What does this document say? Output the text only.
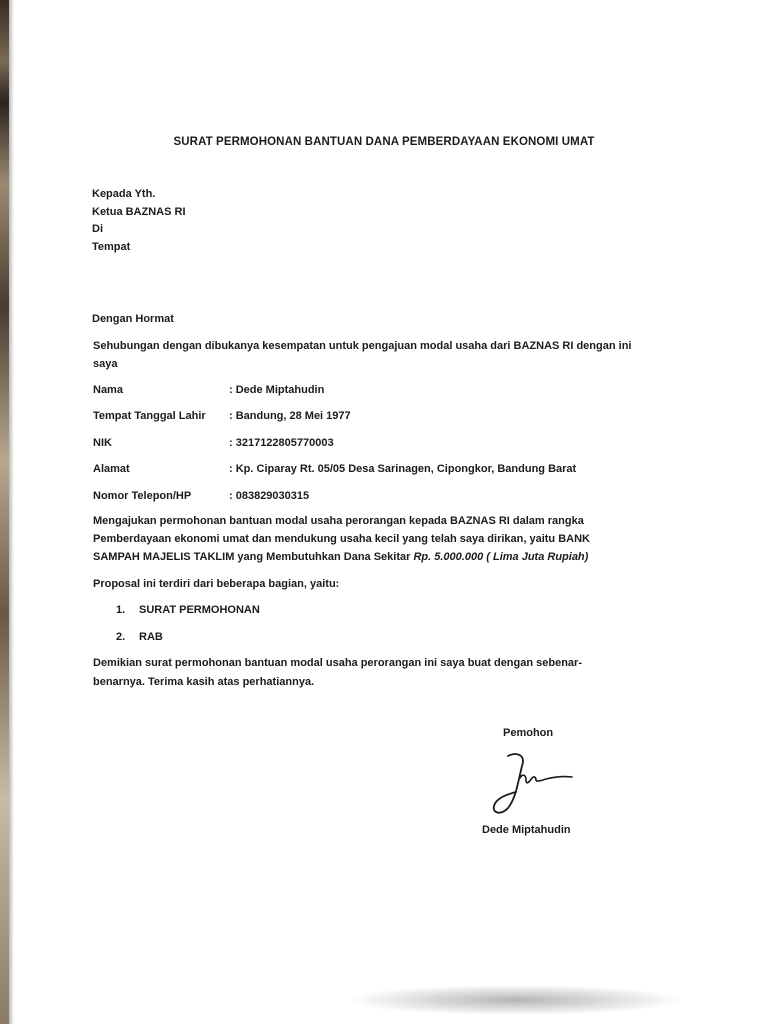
SURAT PERMOHONAN BANTUAN DANA PEMBERDAYAAN EKONOMI UMAT
Kepada Yth.
Ketua BAZNAS RI
Di
Tempat
Dengan Hormat
Sehubungan dengan dibukanya kesempatan untuk pengajuan modal usaha dari BAZNAS RI dengan ini
saya
Nama	: Dede Miptahudin
Tempat Tanggal Lahir : Bandung, 28 Mei 1977
NIK	: 3217122805770003
Alamat	: Kp. Ciparay Rt. 05/05 Desa Sarinagen, Cipongkor, Bandung Barat
Nomor Telepon/HP	: 083829030315
Mengajukan permohonan bantuan modal usaha perorangan kepada BAZNAS RI dalam rangka
Pemberdayaan ekonomi umat dan mendukung usaha kecil yang telah saya dirikan, yaitu BANK
SAMPAH MAJELIS TAKLIM yang Membutuhkan Dana Sekitar Rp. 5.000.000 ( Lima Juta Rupiah)
Proposal ini terdiri dari beberapa bagian, yaitu:
1. SURAT PERMOHONAN
2. RAB
Demikian surat permohonan bantuan modal usaha perorangan ini saya buat dengan sebenar-
benarnya. Terima kasih atas perhatiannya.
Pemohon
Dede Miptahudin
